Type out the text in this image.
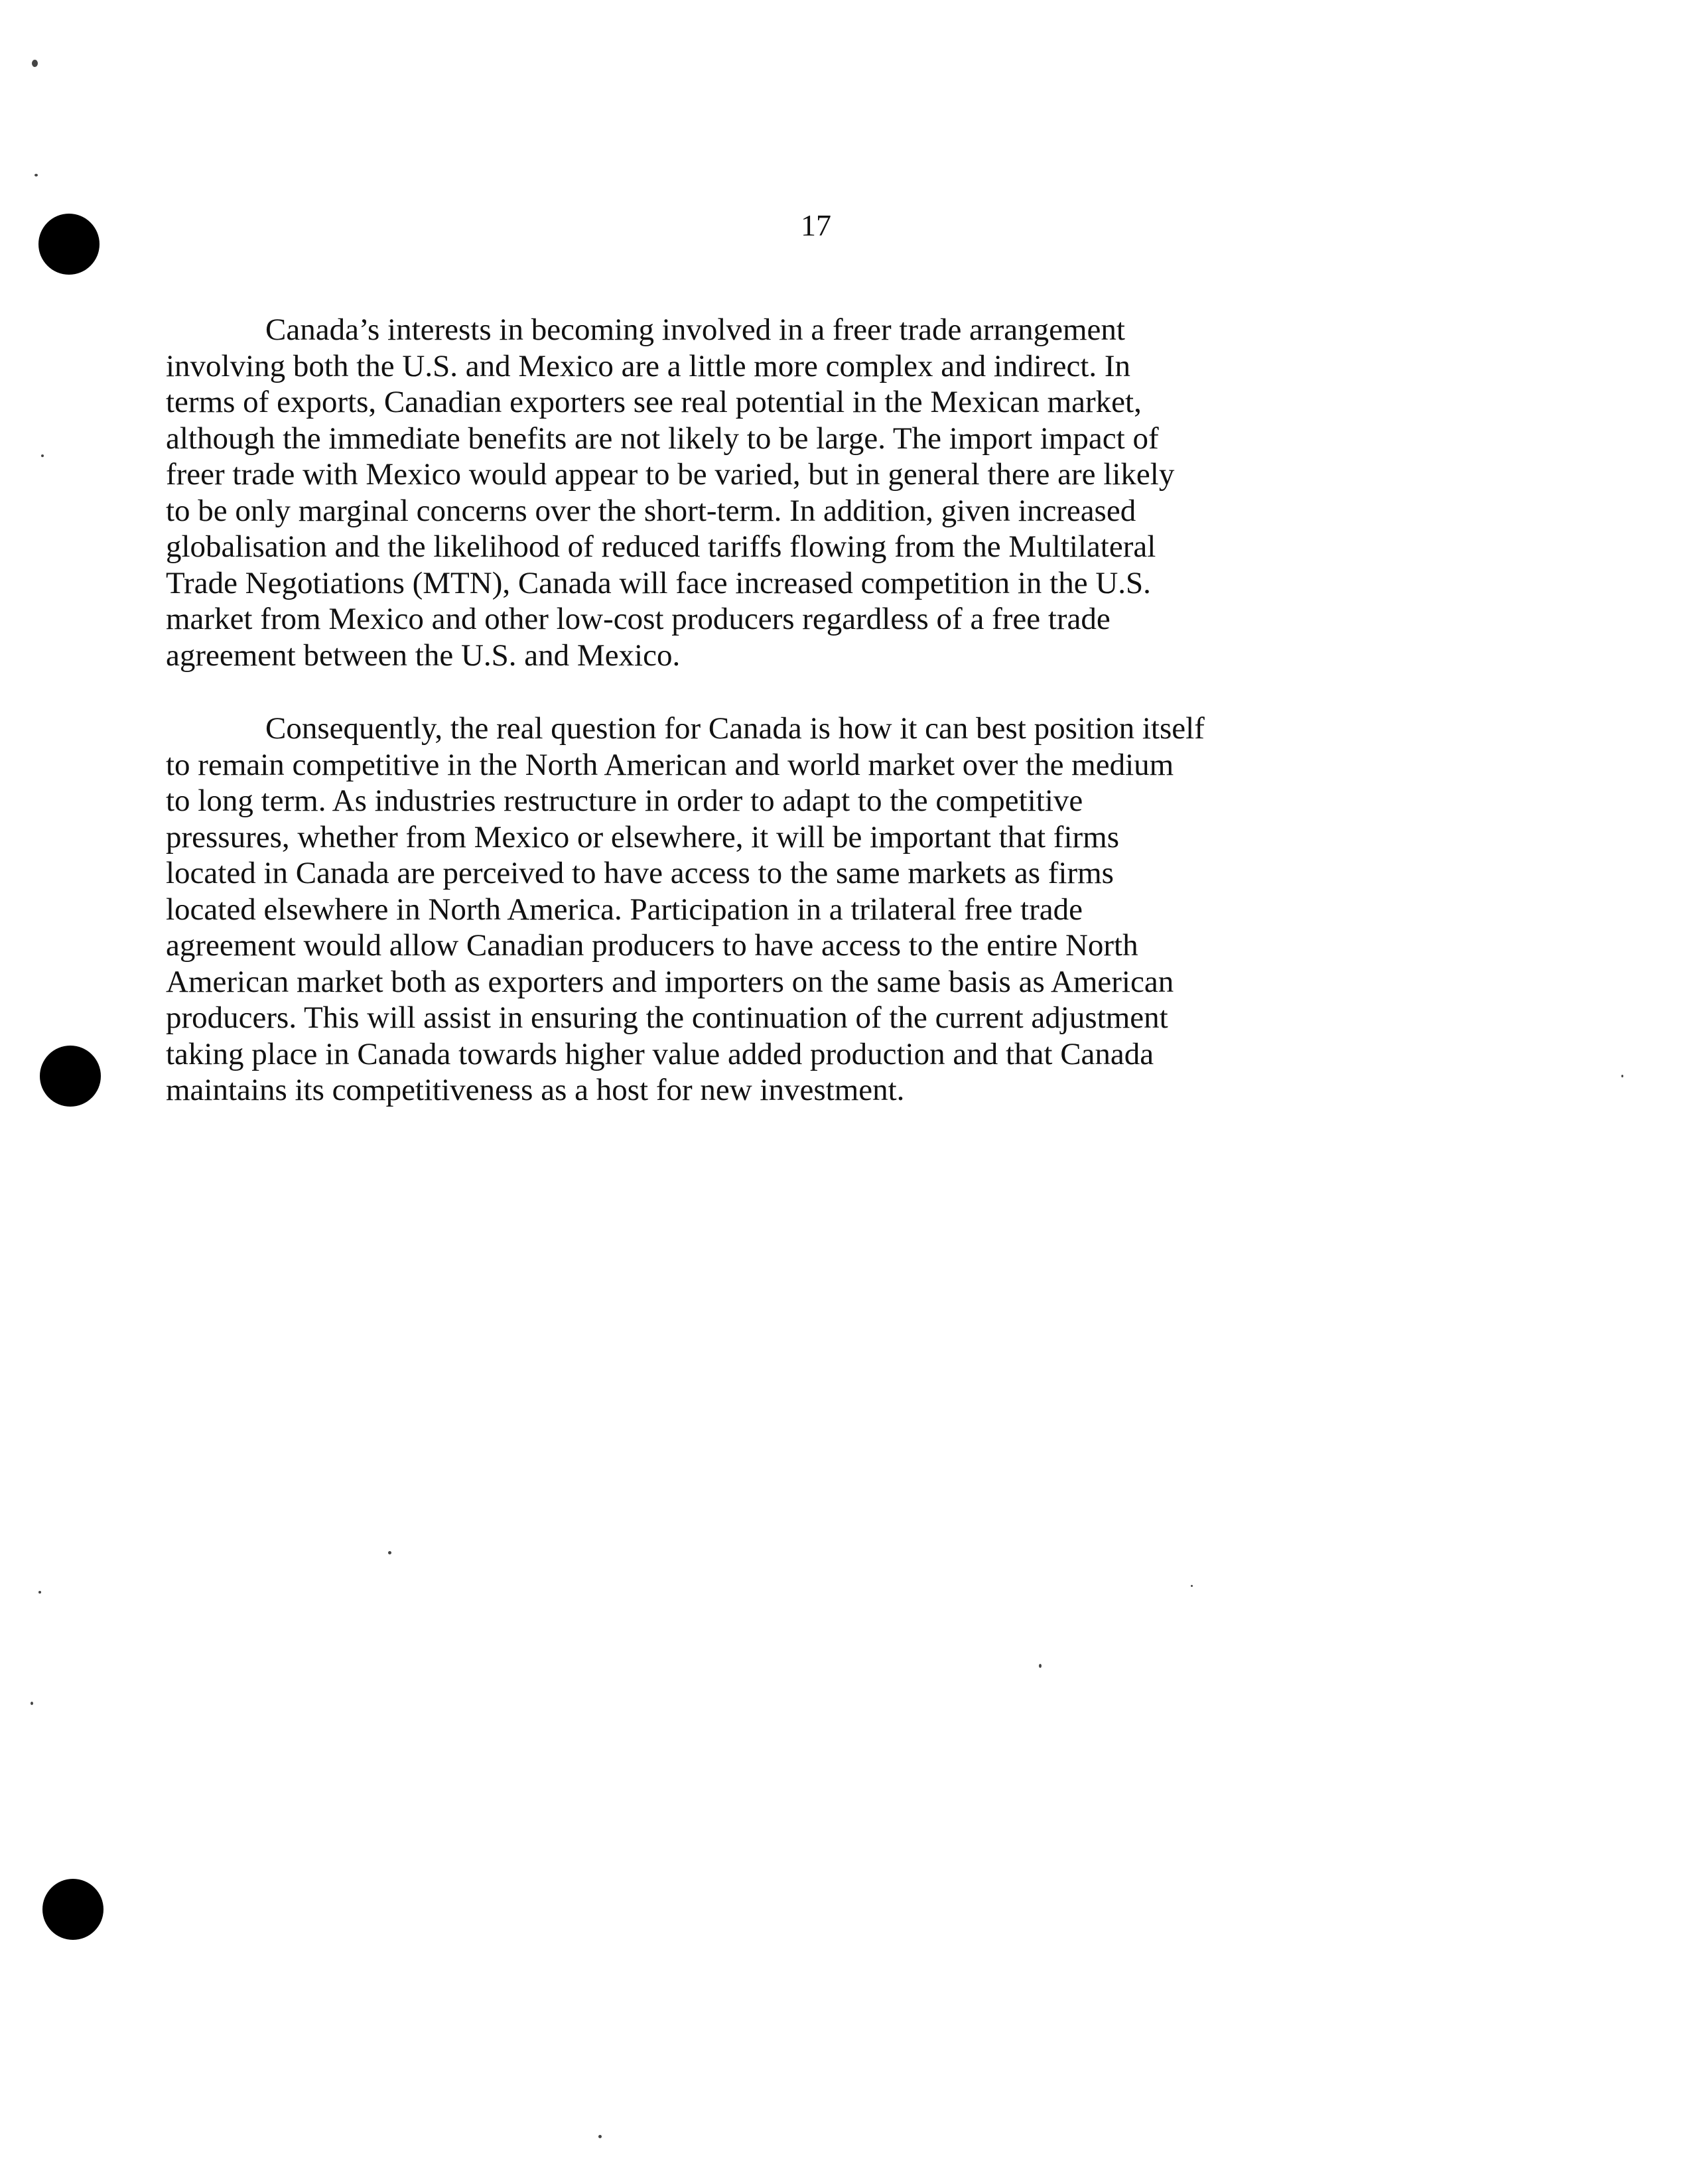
17

Canada’s interests in becoming involved in a freer trade arrangement
involving both the U.S. and Mexico are a little more complex and indirect. In
terms of exports, Canadian exporters see real potential in the Mexican market,
although the immediate benefits are not likely to be large. The import impact of
freer trade with Mexico would appear to be varied, but in general there are likely
to be only marginal concerns over the short-term. In addition, given increased
globalisation and the likelihood of reduced tariffs flowing from the Multilateral
Trade Negotiations (MTN), Canada will face increased competition in the U.S.
market from Mexico and other low-cost producers regardless of a free trade
agreement between the U.S. and Mexico.

Consequently, the real question for Canada is how it can best position itself
to remain competitive in the North American and world market over the medium
to long term. As industries restructure in order to adapt to the competitive
pressures, whether from Mexico or elsewhere, it will be important that firms
located in Canada are perceived to have access to the same markets as firms
located elsewhere in North America. Participation in a trilateral free trade
agreement would allow Canadian producers to have access to the entire North
American market both as exporters and importers on the same basis as American
producers. This will assist in ensuring the continuation of the current adjustment
taking place in Canada towards higher value added production and that Canada
maintains its competitiveness as a host for new investment.
